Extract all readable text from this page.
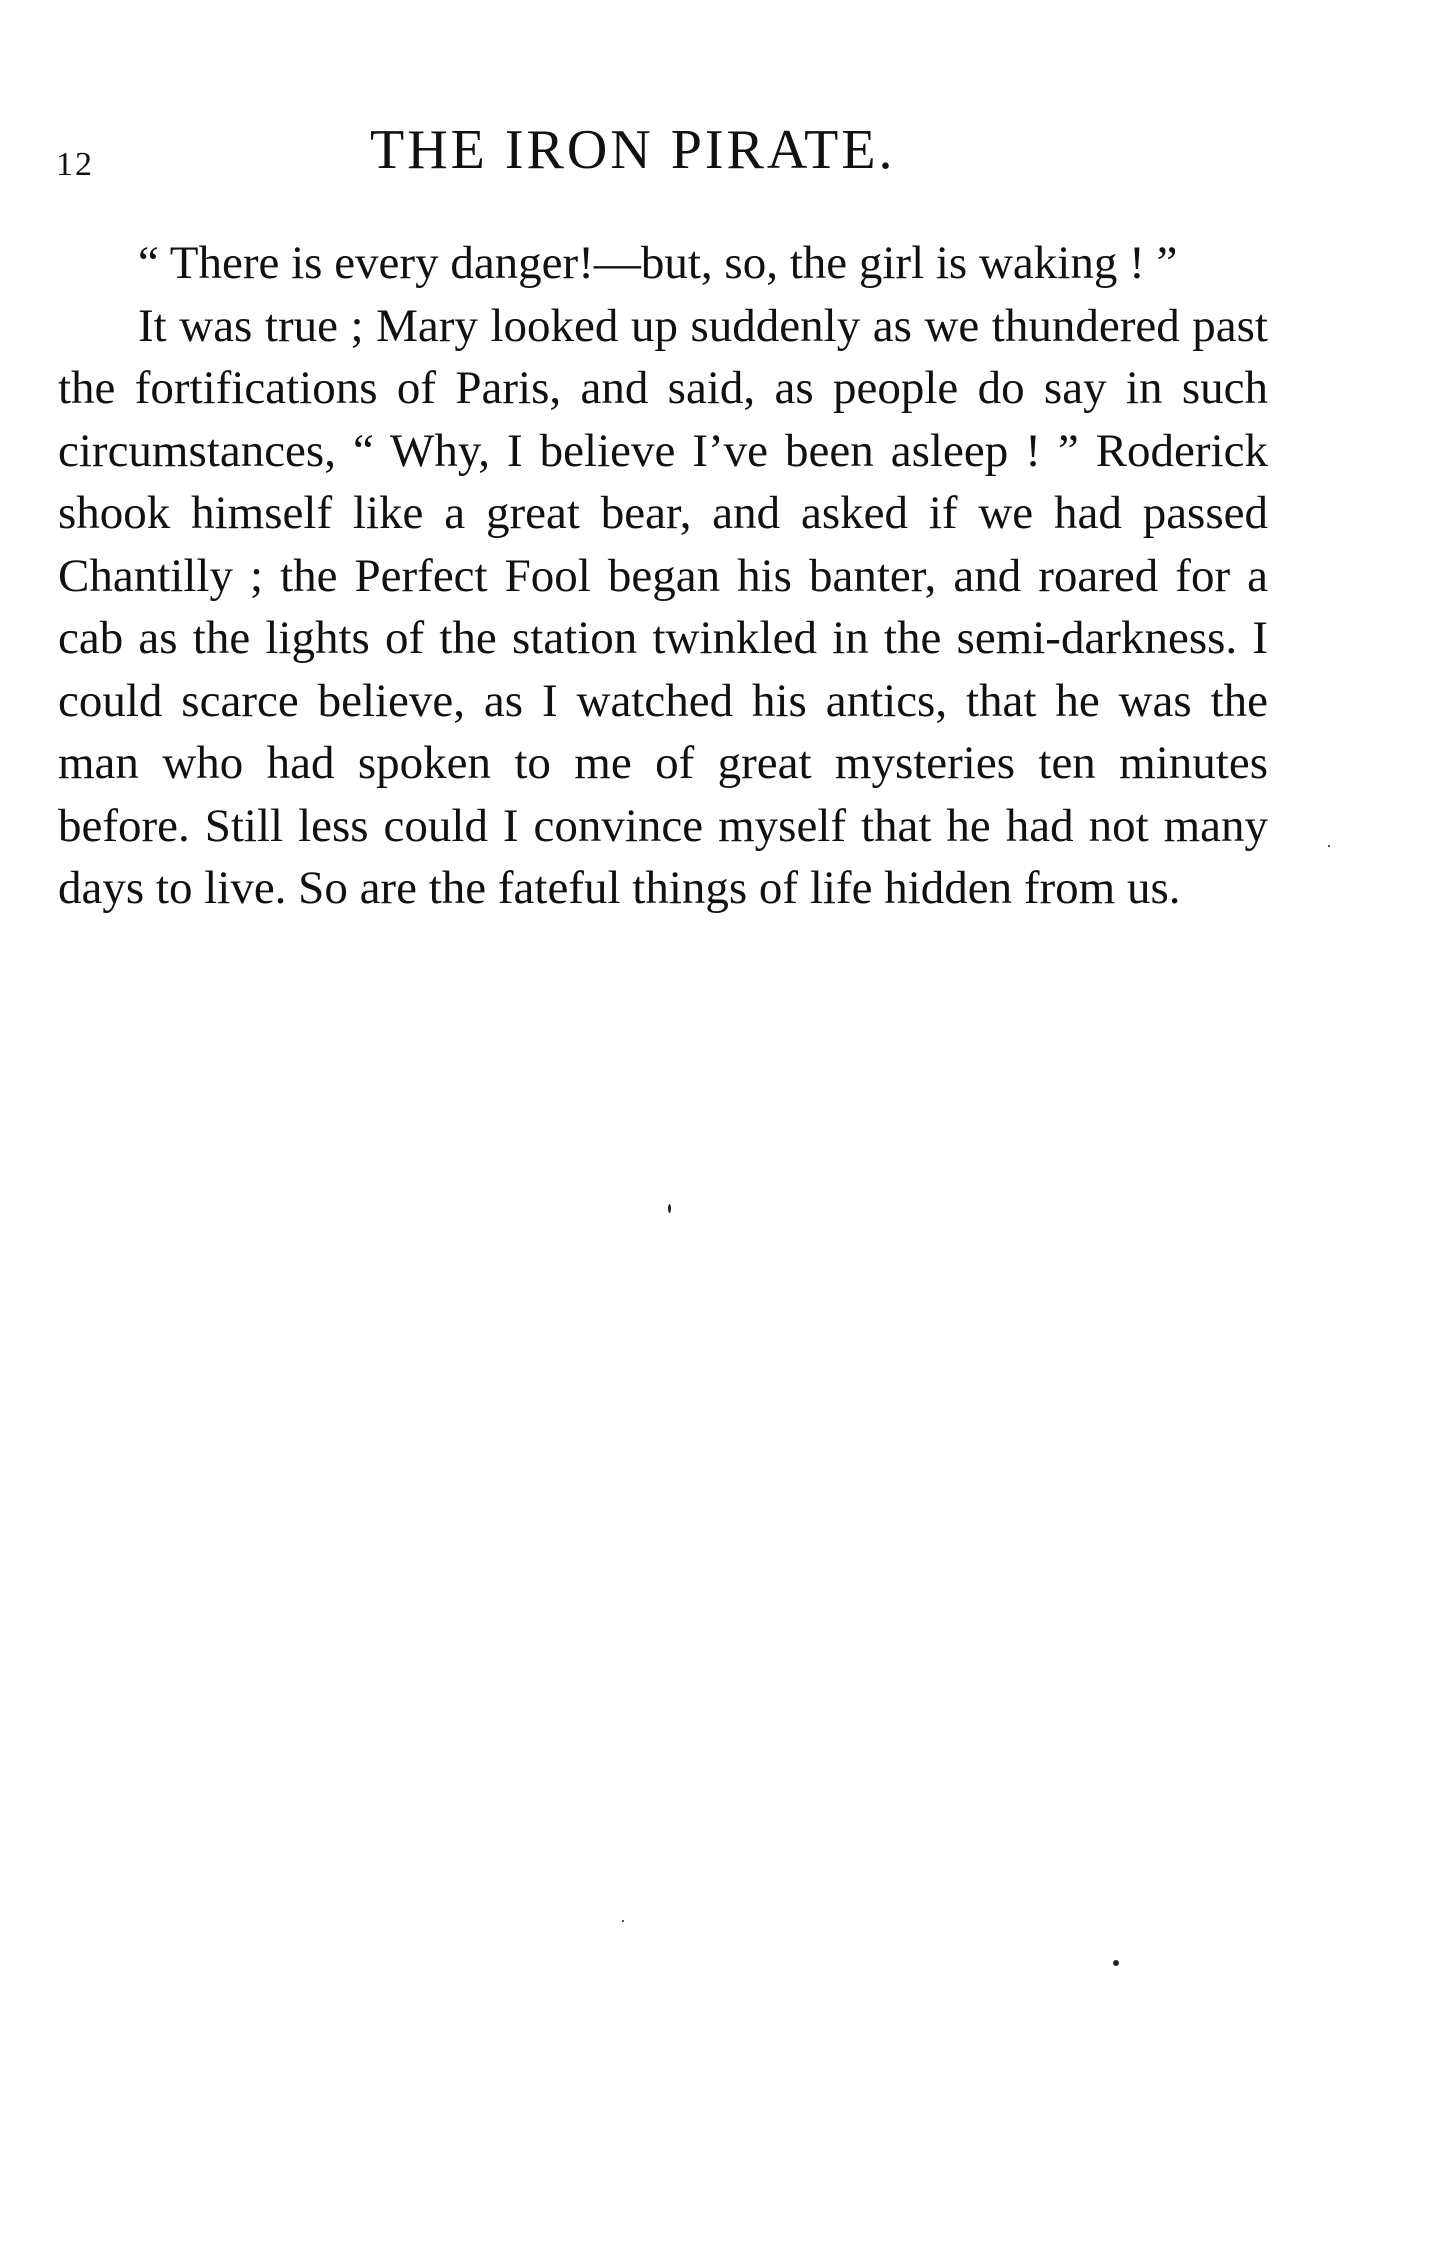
12	THE IRON PIRATE.

“ There is every danger!—but, so, the girl is waking ! ”

It was true ; Mary looked up suddenly as we thundered past the fortifications of Paris, and said, as people do say in such circumstances, “ Why, I believe I’ve been asleep ! ” Roderick shook himself like a great bear, and asked if we had passed Chantilly ; the Perfect Fool began his banter, and roared for a cab as the lights of the station twinkled in the semi-darkness. I could scarce believe, as I watched his antics, that he was the man who had spoken to me of great mysteries ten minutes before. Still less could I convince myself that he had not many days to live. So are the fateful things of life hidden from us.
